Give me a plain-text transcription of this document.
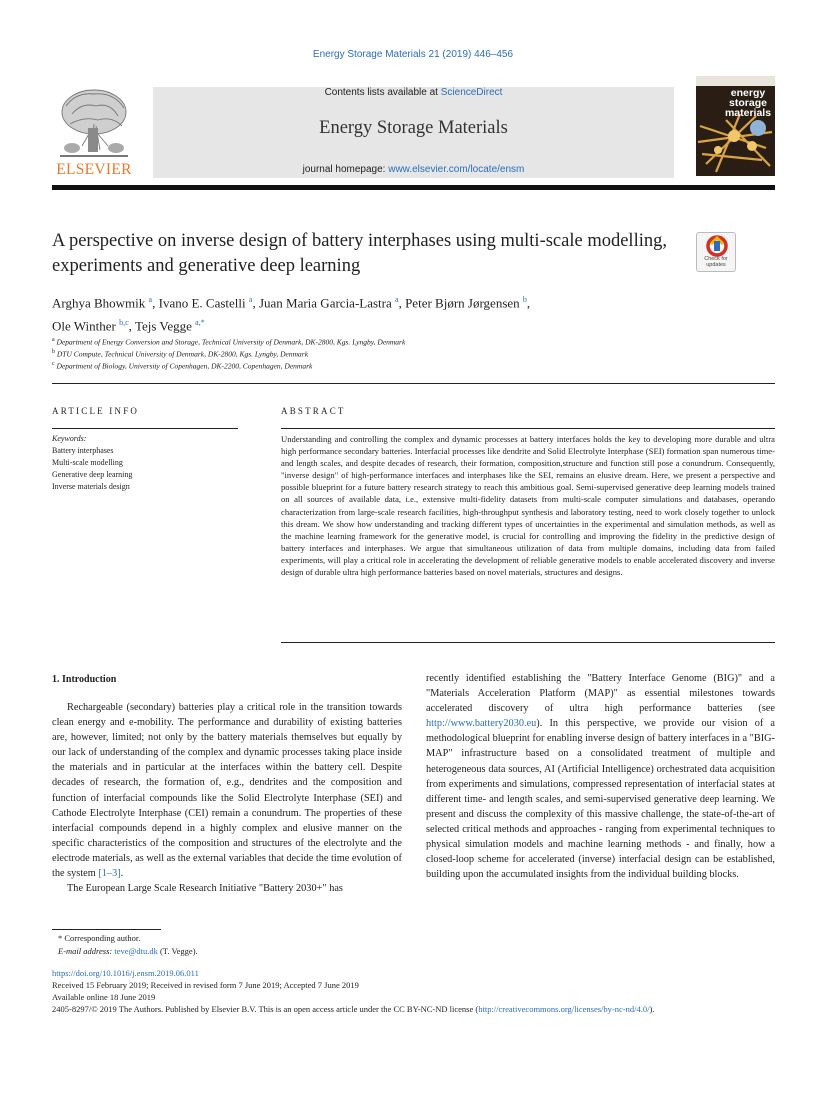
Energy Storage Materials 21 (2019) 446–456
ELSEVIER
Contents lists available at ScienceDirect
Energy Storage Materials
journal homepage: www.elsevier.com/locate/ensm
energy storage materials
A perspective on inverse design of battery interphases using multi-scale modelling, experiments and generative deep learning	Check for updates
Arghya Bhowmik $^a$, Ivano E. Castelli $^a$, Juan Maria Garcia-Lastra $^a$, Peter Bjørn Jørgensen $^b$,
Ole Winther $^{b,c}$, Tejs Vegge $^{a,*}$
$^a$ Department of Energy Conversion and Storage, Technical University of Denmark, DK-2800, Kgs. Lyngby, Denmark
$^b$ DTU Compute, Technical University of Denmark, DK-2800, Kgs. Lyngby, Denmark
$^c$ Department of Biology, University of Copenhagen, DK-2200, Copenhagen, Denmark
ARTICLE INFO	ABSTRACT
Keywords:
Battery interphases
Multi-scale modelling
Generative deep learning
Inverse materials design
Understanding and controlling the complex and dynamic processes at battery interfaces holds the key to developing more durable and ultra high performance secondary batteries. Interfacial processes like dendrite and Solid Electrolyte Interphase (SEI) formation span numerous time- and length scales, and despite decades of research, their formation, composition,structure and function still pose a conundrum. Consequently, "inverse design" of high-performance interfaces and interphases like the SEI, remains an elusive dream. Here, we present a perspective and possible blueprint for a future battery research strategy to reach this ambitious goal. Semi-supervised generative deep learning models trained on all sources of available data, i.e., extensive multi-fidelity datasets from multi-scale computer simulations and databases, operando characterization from large-scale research facilities, high-throughput synthesis and laboratory testing, need to work closely together to unlock this dream. We show how understanding and tracking different types of uncertainties in the experimental and simulation methods, as well as the machine learning framework for the generative model, is crucial for controlling and improving the fidelity in the predictive design of battery interfaces and interphases. We argue that simultaneous utilization of data from multiple domains, including data from failed experiments, will play a critical role in accelerating the development of reliable generative models to enable accelerated discovery and inverse design of durable ultra high performance batteries based on novel materials, structures and designs.
1. Introduction

Rechargeable (secondary) batteries play a critical role in the transition towards clean energy and e-mobility. The performance and durability of existing batteries are, however, limited; not only by the battery materials themselves but equally by our lack of understanding of the complex and dynamic processes taking place inside the materials and in particular at the interfaces within the battery cell. Despite decades of research, the formation of, e.g., dendrites and the composition and function of interfacial compounds like the Solid Electrolyte Interphase (SEI) and Cathode Electrolyte Interphase (CEI) remain a conundrum. The properties of these interfacial compounds depend in a highly complex and elusive manner on the specific characteristics of the composition and structures of the electrolyte and the electrode materials, as well as the external variables that decide the time evolution of the system [1–3].

The European Large Scale Research Initiative "Battery 2030+" has

recently identified establishing the "Battery Interface Genome (BIG)" and a "Materials Acceleration Platform (MAP)" as essential milestones towards accelerated discovery of ultra high performance batteries (see http://www.battery2030.eu). In this perspective, we provide our vision of a methodological blueprint for enabling inverse design of battery interfaces in a "BIG-MAP" infrastructure based on a consolidated treatment of multiple and heterogeneous data sources, AI (Artificial Intelligence) orchestrated data acquisition from experiments and simulations, compressed representation of interfacial states at different time- and length scales, and semi-supervised generative deep learning. We present and discuss the complexity of this massive challenge, the state-of-the-art of selected critical methods and approaches - ranging from experimental techniques to physical simulation models and machine learning methods - and finally, how a closed-loop scheme for accelerated (inverse) interfacial design can be established, building upon the accumulated insights from the individual building blocks.

* Corresponding author.
E-mail address: teve@dtu.dk (T. Vegge).
https://doi.org/10.1016/j.ensm.2019.06.011
Received 15 February 2019; Received in revised form 7 June 2019; Accepted 7 June 2019
Available online 18 June 2019
2405-8297/© 2019 The Authors. Published by Elsevier B.V. This is an open access article under the CC BY-NC-ND license (http://creativecommons.org/licenses/by-nc-nd/4.0/).
